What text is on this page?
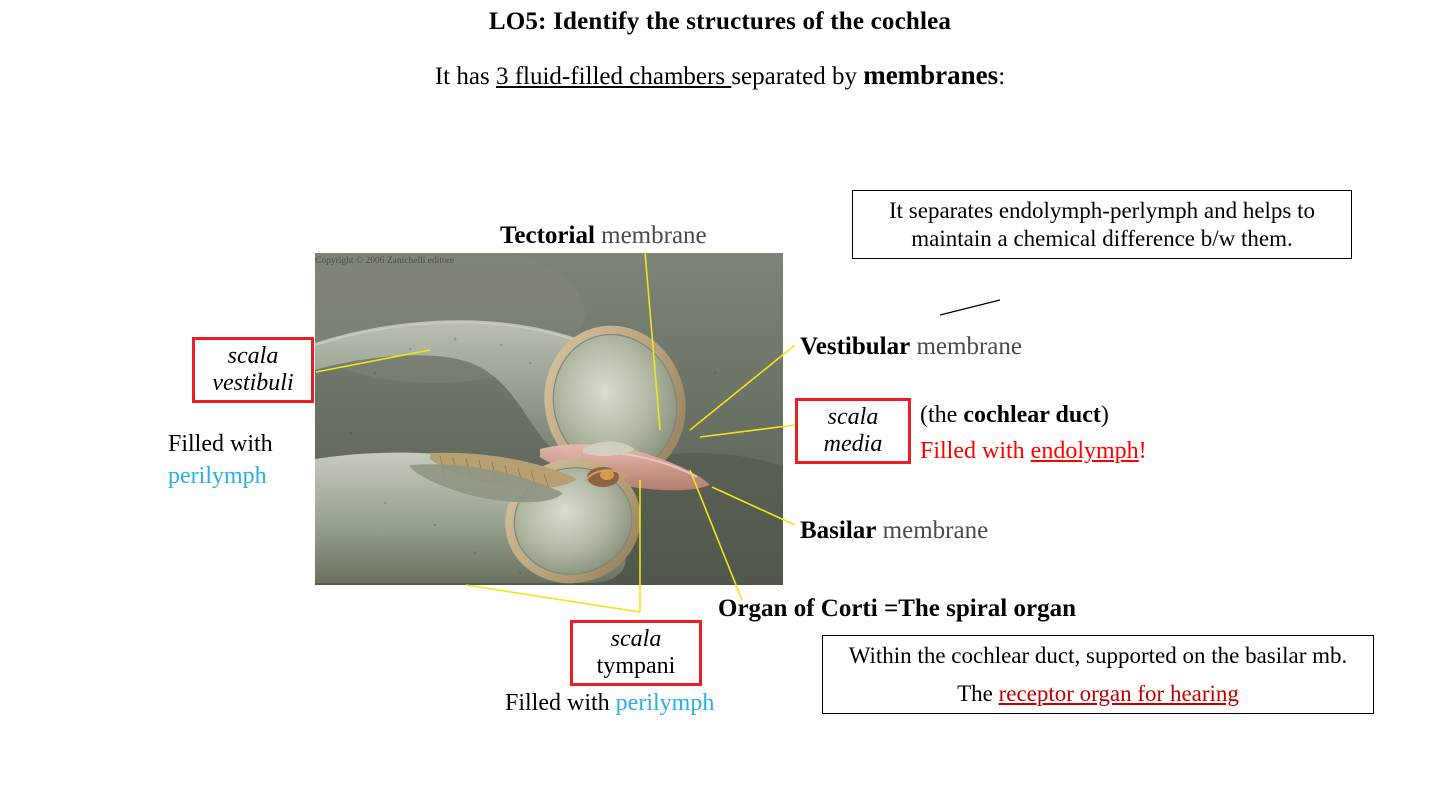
LO5: Identify the structures of the cochlea
It has 3 fluid-filled chambers separated by membranes:
Copyright © 2006 Zanichelli editore
scala
vestibuli
scala
media
scala
tympani
It separates endolymph-perlymph and helps to maintain a chemical difference b/w them.
Within the cochlear duct, supported on the basilar mb.
The receptor organ for hearing
Tectorial membrane
Vestibular membrane
Basilar membrane
(the cochlear duct)
Filled with endolymph!
Filled with
perilymph
Filled with perilymph
Organ of Corti =The spiral organ
